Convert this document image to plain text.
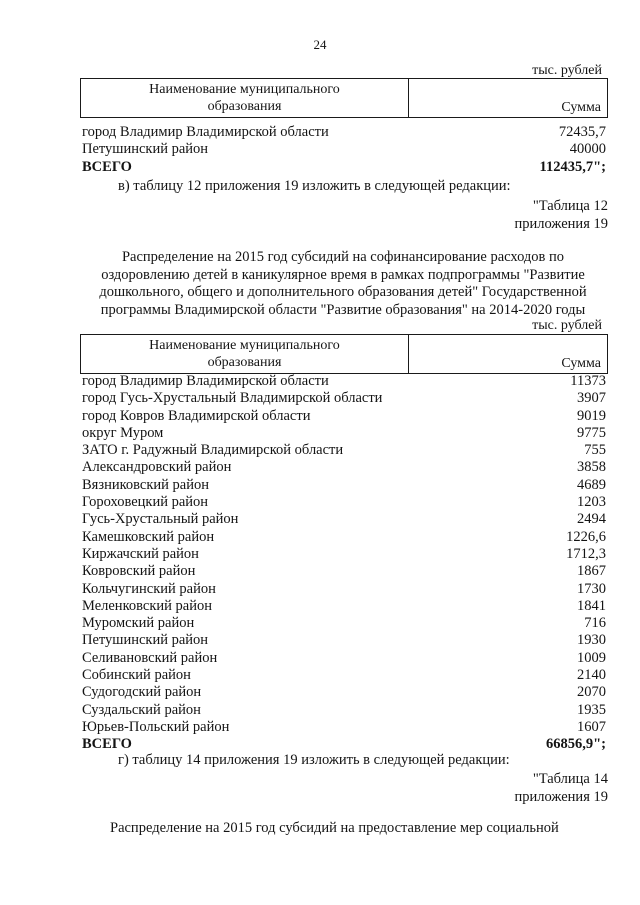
24
тыс. рублей
Наименование муниципального
образования	Сумма
город Владимир Владимирской области	72435,7
Петушинский район	40000
ВСЕГО	112435,7";
в) таблицу 12 приложения 19 изложить в следующей редакции:
"Таблица 12
приложения 19
Распределение на 2015 год субсидий на софинансирование расходов по
оздоровлению детей в каникулярное время в рамках подпрограммы "Развитие
дошкольного, общего и дополнительного образования детей" Государственной
программы Владимирской области "Развитие образования" на 2014-2020 годы
тыс. рублей
Наименование муниципального
образования	Сумма
город Владимир Владимирской области	11373
город Гусь-Хрустальный Владимирской области	3907
город Ковров Владимирской области	9019
округ Муром	9775
ЗАТО г. Радужный Владимирской области	755
Александровский район	3858
Вязниковский район	4689
Гороховецкий район	1203
Гусь-Хрустальный район	2494
Камешковский район	1226,6
Киржачский район	1712,3
Ковровский район	1867
Кольчугинский район	1730
Меленковский район	1841
Муромский район	716
Петушинский район	1930
Селивановский район	1009
Собинский район	2140
Судогодский район	2070
Суздальский район	1935
Юрьев-Польский район	1607
ВСЕГО	66856,9";
г) таблицу 14 приложения 19 изложить в следующей редакции:
"Таблица 14
приложения 19
Распределение на 2015 год субсидий на предоставление мер социальной
